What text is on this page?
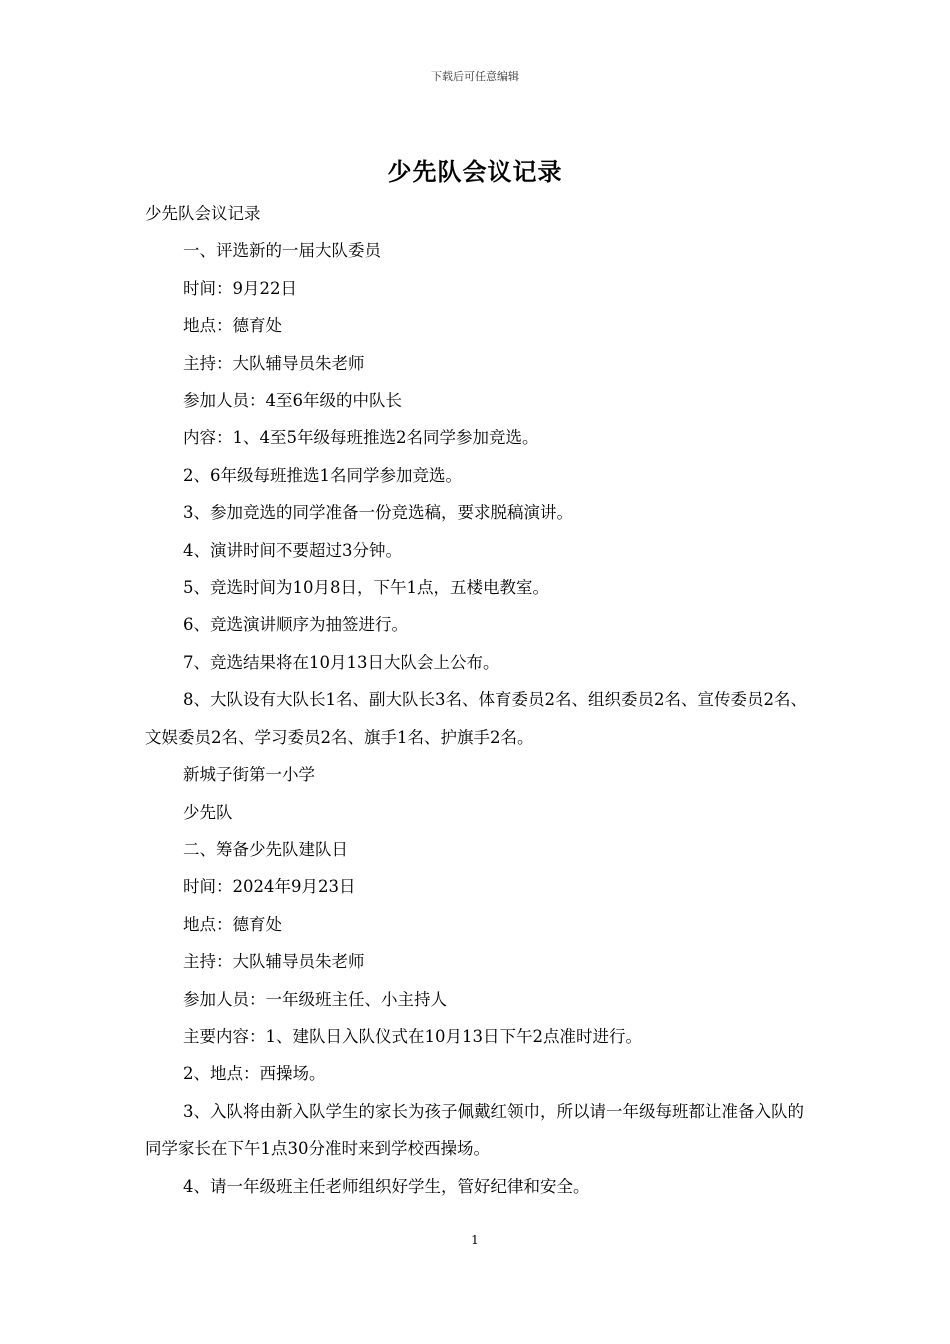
下载后可任意编辑
少先队会议记录

少先队会议记录

一、评选新的一届大队委员

时间：9月22日

地点：德育处

主持：大队辅导员朱老师

参加人员：4至6年级的中队长

内容：1、4至5年级每班推选2名同学参加竞选。

2、6年级每班推选1名同学参加竞选。

3、参加竞选的同学准备一份竞选稿，要求脱稿演讲。

4、演讲时间不要超过3分钟。

5、竞选时间为10月8日，下午1点，五楼电教室。

6、竞选演讲顺序为抽签进行。

7、竞选结果将在10月13日大队会上公布。

8、大队设有大队长1名、副大队长3名、体育委员2名、组织委员2名、宣传委员2名、文娱委员2名、学习委员2名、旗手1名、护旗手2名。

新城子街第一小学

少先队

二、筹备少先队建队日

时间：2024年9月23日

地点：德育处

主持：大队辅导员朱老师

参加人员：一年级班主任、小主持人

主要内容：1、建队日入队仪式在10月13日下午2点准时进行。

2、地点：西操场。

3、入队将由新入队学生的家长为孩子佩戴红领巾，所以请一年级每班都让准备入队的同学家长在下午1点30分准时来到学校西操场。

4、请一年级班主任老师组织好学生，管好纪律和安全。

1
